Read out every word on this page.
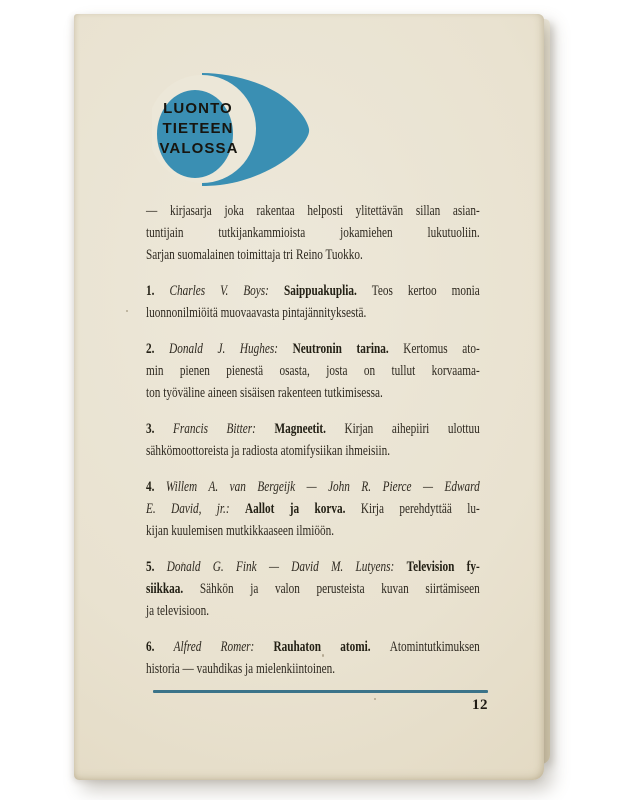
LUONTO
TIETEEN
VALOSSA
— kirjasarja joka rakentaa helposti ylitettävän sillan asian-
tuntijain tutkijankammioista jokamiehen lukutuoliin.
Sarjan suomalainen toimittaja tri Reino Tuokko.
1. Charles V. Boys: Saippuakuplia. Teos kertoo monia
luonnonilmiöitä muovaavasta pintajännityksestä.
2. Donald J. Hughes: Neutronin tarina. Kertomus ato-
min pienen pienestä osasta, josta on tullut korvaama-
ton työväline aineen sisäisen rakenteen tutkimisessa.
3. Francis Bitter: Magneetit. Kirjan aihepiiri ulottuu
sähkömoottoreista ja radiosta atomifysiikan ihmeisiin.
4. Willem A. van Bergeijk — John R. Pierce — Edward
E. David, jr.: Aallot ja korva. Kirja perehdyttää lu-
kijan kuulemisen mutkikkaaseen ilmiöön.
5. Donald G. Fink — David M. Lutyens: Television fy-
siikkaa. Sähkön ja valon perusteista kuvan siirtämiseen
ja televisioon.
6. Alfred Romer: Rauhaton atomi. Atomintutkimuksen
historia — vauhdikas ja mielenkiintoinen.
12
